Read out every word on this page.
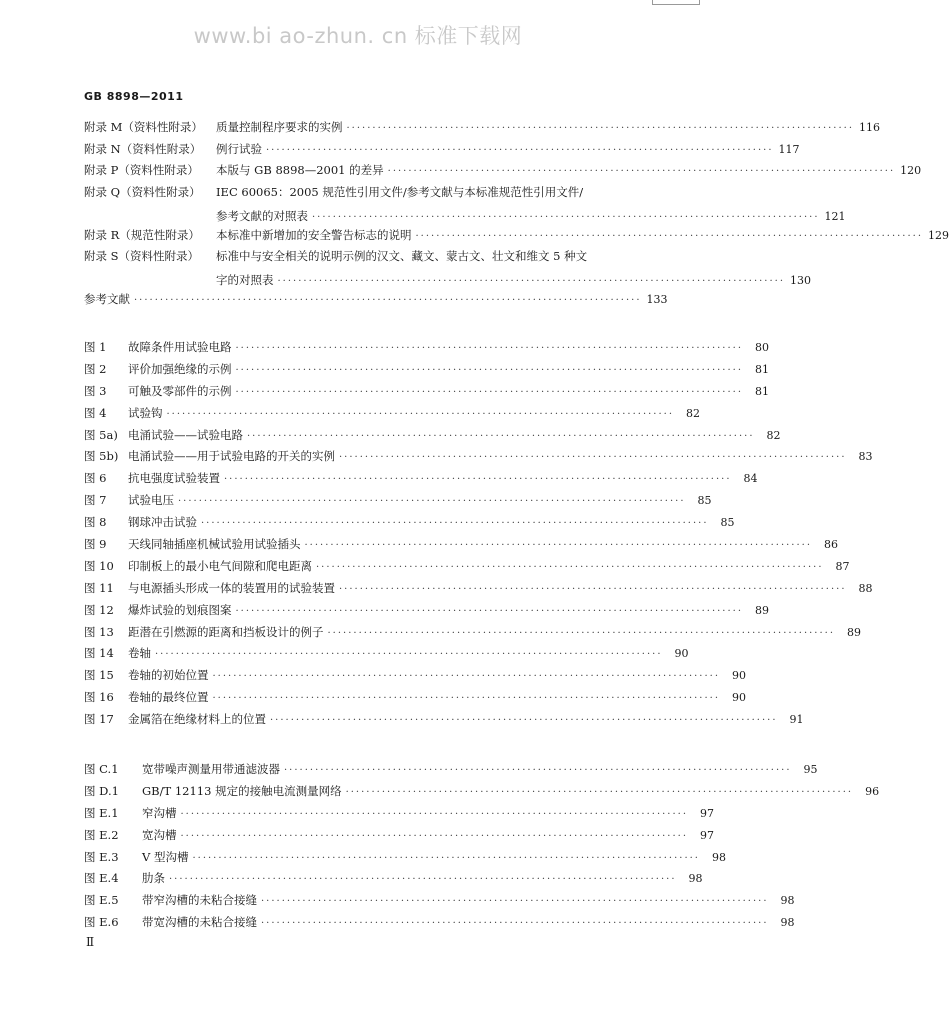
www.bi ao-zhun. cn 标准下载网
GB 8898—2011
附录 M（资料性附录）	质量控制程序要求的实例 ·································································································· 116
附录 N（资料性附录）	例行试验 ·································································································· 117
附录 P（资料性附录）	本版与 GB 8898—2001 的差异 ·································································································· 120
附录 Q（资料性附录）	IEC 60065：2005 规范性引用文件/参考文献与本标准规范性引用文件/
参考文献的对照表 ·································································································· 121
附录 R（规范性附录）	本标准中新增加的安全警告标志的说明 ·································································································· 129
附录 S（资料性附录）	标准中与安全相关的说明示例的汉文、藏文、蒙古文、壮文和维文 5 种文
字的对照表 ·································································································· 130
参考文献 ·································································································· 133
图 1	故障条件用试验电路 ··································································································	80
图 2	评价加强绝缘的示例 ··································································································	81
图 3	可触及零部件的示例 ··································································································	81
图 4	试验钩 ··································································································	82
图 5a) 电涌试验——试验电路 ··································································································	82
图 5b) 电涌试验——用于试验电路的开关的实例 ··································································································	83
图 6	抗电强度试验装置 ··································································································	84
图 7	试验电压 ··································································································	85
图 8	钢球冲击试验 ··································································································	85
图 9	天线同轴插座机械试验用试验插头 ··································································································	86
图 10	印制板上的最小电气间隙和爬电距离 ··································································································	87
图 11	与电源插头形成一体的装置用的试验装置 ··································································································	88
图 12	爆炸试验的划痕图案 ··································································································	89
图 13	距潜在引燃源的距离和挡板设计的例子 ··································································································	89
图 14	卷轴 ··································································································	90
图 15	卷轴的初始位置 ··································································································	90
图 16	卷轴的最终位置 ··································································································	90
图 17	金属箔在绝缘材料上的位置 ··································································································	91
图 C.1	宽带噪声测量用带通滤波器 ··································································································	95
图 D.1	GB/T 12113 规定的接触电流测量网络 ··································································································	96
图 E.1	窄沟槽 ··································································································	97
图 E.2	宽沟槽 ··································································································	97
图 E.3	V 型沟槽 ··································································································	98
图 E.4	肋条 ··································································································	98
图 E.5	带窄沟槽的未粘合接缝 ··································································································	98
图 E.6	带宽沟槽的未粘合接缝 ··································································································	98
Ⅱ
